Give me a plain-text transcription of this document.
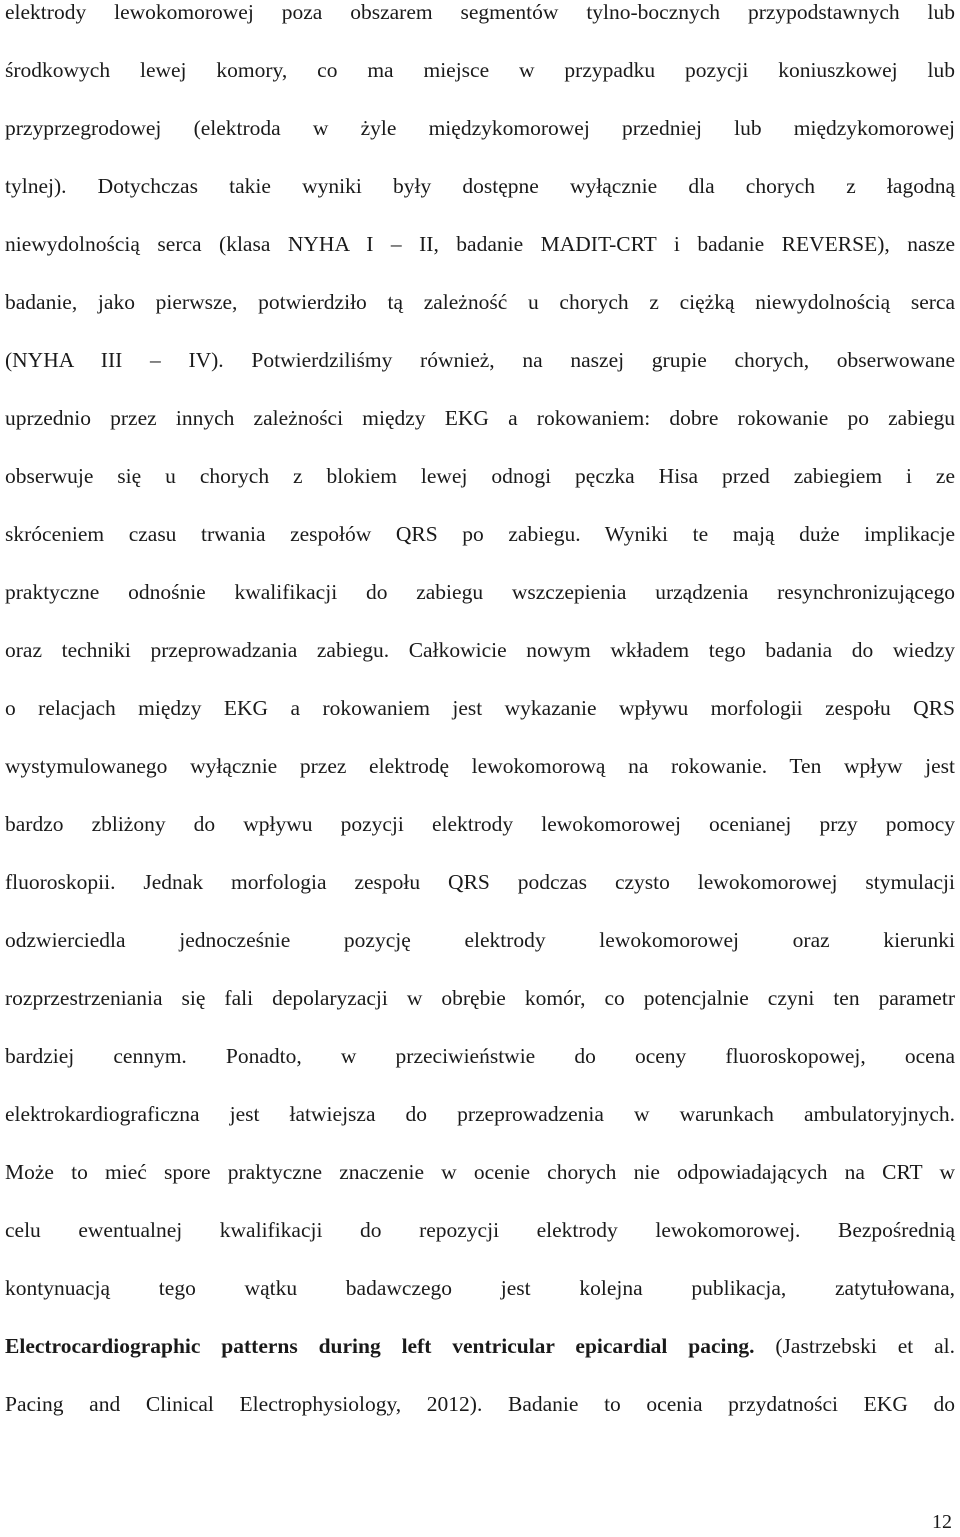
elektrody lewokomorowej poza obszarem segmentów tylno-bocznych przypodstawnych lub
środkowych lewej komory, co ma miejsce w przypadku pozycji koniuszkowej lub
przyprzegrodowej (elektroda w żyle międzykomorowej przedniej lub międzykomorowej
tylnej). Dotychczas takie wyniki były dostępne wyłącznie dla chorych z łagodną
niewydolnością serca (klasa NYHA I – II, badanie MADIT-CRT i badanie REVERSE), nasze
badanie, jako pierwsze, potwierdziło tą zależność u chorych z ciężką niewydolnością serca
(NYHA III – IV). Potwierdziliśmy również, na naszej grupie chorych, obserwowane
uprzednio przez innych zależności między EKG a rokowaniem: dobre rokowanie po zabiegu
obserwuje się u chorych z blokiem lewej odnogi pęczka Hisa przed zabiegiem i ze
skróceniem czasu trwania zespołów QRS po zabiegu. Wyniki te mają duże implikacje
praktyczne odnośnie kwalifikacji do zabiegu wszczepienia urządzenia resynchronizującego
oraz techniki przeprowadzania zabiegu. Całkowicie nowym wkładem tego badania do wiedzy
o relacjach między EKG a rokowaniem jest wykazanie wpływu morfologii zespołu QRS
wystymulowanego wyłącznie przez elektrodę lewokomorową na rokowanie. Ten wpływ jest
bardzo zbliżony do wpływu pozycji elektrody lewokomorowej ocenianej przy pomocy
fluoroskopii. Jednak morfologia zespołu QRS podczas czysto lewokomorowej stymulacji
odzwierciedla jednocześnie pozycję elektrody lewokomorowej oraz kierunki
rozprzestrzeniania się fali depolaryzacji w obrębie komór, co potencjalnie czyni ten parametr
bardziej cennym. Ponadto, w przeciwieństwie do oceny fluoroskopowej, ocena
elektrokardiograficzna jest łatwiejsza do przeprowadzenia w warunkach ambulatoryjnych.
Może to mieć spore praktyczne znaczenie w ocenie chorych nie odpowiadających na CRT w
celu ewentualnej kwalifikacji do repozycji elektrody lewokomorowej. Bezpośrednią
kontynuacją tego wątku badawczego jest kolejna publikacja, zatytułowana,
Electrocardiographic patterns during left ventricular epicardial pacing. (Jastrzebski et al.
Pacing and Clinical Electrophysiology, 2012). Badanie to ocenia przydatności EKG do
12
